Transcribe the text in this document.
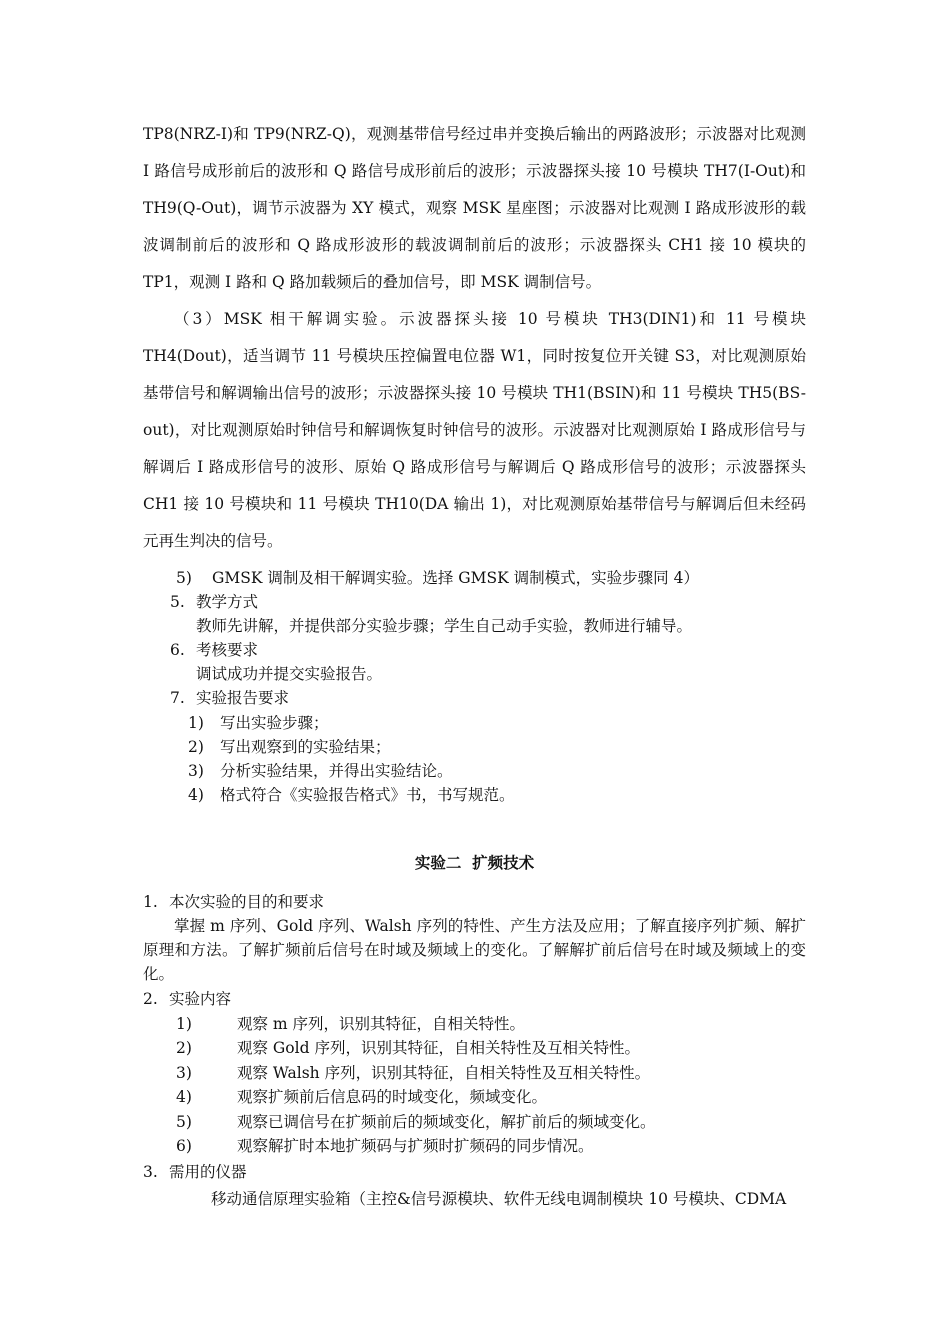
TP8(NRZ-I)和 TP9(NRZ-Q)，观测基带信号经过串并变换后输出的两路波形；示波器对比观测 I 路信号成形前后的波形和 Q 路信号成形前后的波形；示波器探头接 10 号模块 TH7(I-Out)和 TH9(Q-Out)，调节示波器为 XY 模式，观察 MSK 星座图；示波器对比观测 I 路成形波形的载波调制前后的波形和 Q 路成形波形的载波调制前后的波形；示波器探头 CH1 接 10 模块的 TP1，观测 I 路和 Q 路加载频后的叠加信号，即 MSK 调制信号。

（3）MSK 相干解调实验。示波器探头接 10 号模块 TH3(DIN1)和 11 号模块 TH4(Dout)，适当调节 11 号模块压控偏置电位器 W1，同时按复位开关键 S3，对比观测原始基带信号和解调输出信号的波形；示波器探头接 10 号模块 TH1(BSIN)和 11 号模块 TH5(BS-out)，对比观测原始时钟信号和解调恢复时钟信号的波形。示波器对比观测原始 I 路成形信号与解调后 I 路成形信号的波形、原始 Q 路成形信号与解调后 Q 路成形信号的波形；示波器探头 CH1 接 10 号模块和 11 号模块 TH10(DA 输出 1)，对比观测原始基带信号与解调后但未经码元再生判决的信号。

5) GMSK 调制及相干解调实验。选择 GMSK 调制模式，实验步骤同 4）
5. 教学方式
教师先讲解，并提供部分实验步骤；学生自己动手实验，教师进行辅导。
6. 考核要求
调试成功并提交实验报告。
7. 实验报告要求
1) 写出实验步骤；
2) 写出观察到的实验结果；
3) 分析实验结果，并得出实验结论。
4) 格式符合《实验报告格式》书，书写规范。
实验二  扩频技术
1. 本次实验的目的和要求

掌握 m 序列、Gold 序列、Walsh 序列的特性、产生方法及应用；了解直接序列扩频、解扩原理和方法。了解扩频前后信号在时域及频域上的变化。了解解扩前后信号在时域及频域上的变化。

2. 实验内容
1)	观察 m 序列，识别其特征，自相关特性。
2)	观察 Gold 序列，识别其特征，自相关特性及互相关特性。
3)	观察 Walsh 序列，识别其特征，自相关特性及互相关特性。
4)	观察扩频前后信息码的时域变化，频域变化。
5)	观察已调信号在扩频前后的频域变化，解扩前后的频域变化。
6)	观察解扩时本地扩频码与扩频时扩频码的同步情况。
3. 需用的仪器
移动通信原理实验箱（主控&信号源模块、软件无线电调制模块 10 号模块、CDMA
